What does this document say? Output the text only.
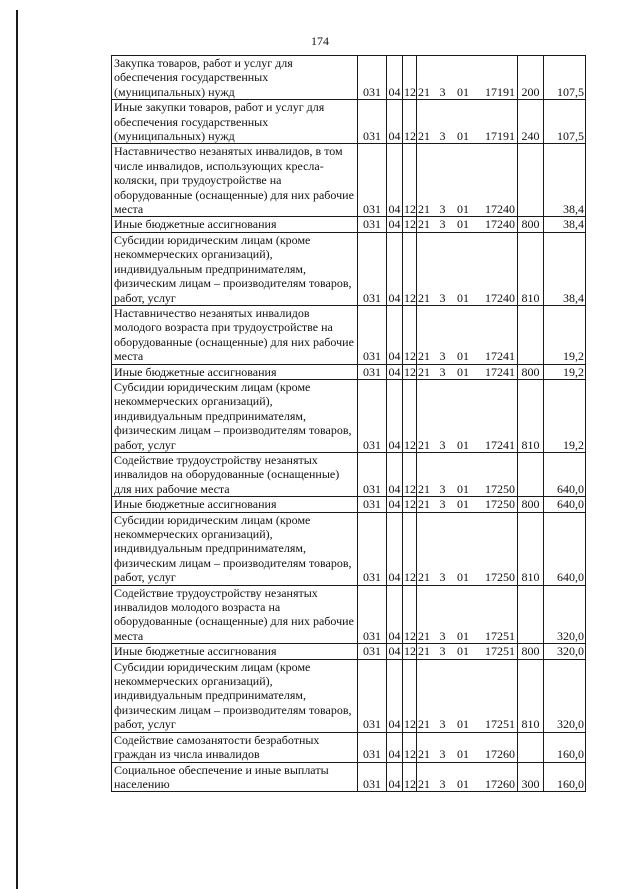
174
Закупка товаров, работ и услуг для обеспечения государственных (муниципальных) нужд	031	04	12	21 3 01 17191	200	107,5
Иные закупки товаров, работ и услуг для обеспечения государственных (муниципальных) нужд	031	04	12	21 3 01 17191	240	107,5
Наставничество незанятых инвалидов, в том числе инвалидов, использующих кресла-коляски, при трудоустройстве на оборудованные (оснащенные) для них рабочие места	031	04	12	21 3 01 17240		38,4
Иные бюджетные ассигнования	031	04	12	21 3 01 17240	800	38,4
Субсидии юридическим лицам (кроме некоммерческих организаций), индивидуальным предпринимателям, физическим лицам – производителям товаров, работ, услуг	031	04	12	21 3 01 17240	810	38,4
Наставничество незанятых инвалидов молодого возраста при трудоустройстве на оборудованные (оснащенные) для них рабочие места	031	04	12	21 3 01 17241		19,2
Иные бюджетные ассигнования	031	04	12	21 3 01 17241	800	19,2
Субсидии юридическим лицам (кроме некоммерческих организаций), индивидуальным предпринимателям, физическим лицам – производителям товаров, работ, услуг	031	04	12	21 3 01 17241	810	19,2
Содействие трудоустройству незанятых инвалидов на оборудованные (оснащенные) для них рабочие места	031	04	12	21 3 01 17250		640,0
Иные бюджетные ассигнования	031	04	12	21 3 01 17250	800	640,0
Субсидии юридическим лицам (кроме некоммерческих организаций), индивидуальным предпринимателям, физическим лицам – производителям товаров, работ, услуг	031	04	12	21 3 01 17250	810	640,0
Содействие трудоустройству незанятых инвалидов молодого возраста на оборудованные (оснащенные) для них рабочие места	031	04	12	21 3 01 17251		320,0
Иные бюджетные ассигнования	031	04	12	21 3 01 17251	800	320,0
Субсидии юридическим лицам (кроме некоммерческих организаций), индивидуальным предпринимателям, физическим лицам – производителям товаров, работ, услуг	031	04	12	21 3 01 17251	810	320,0
Содействие самозанятости безработных граждан из числа инвалидов	031	04	12	21 3 01 17260		160,0
Социальное обеспечение и иные выплаты населению	031	04	12	21 3 01 17260	300	160,0
